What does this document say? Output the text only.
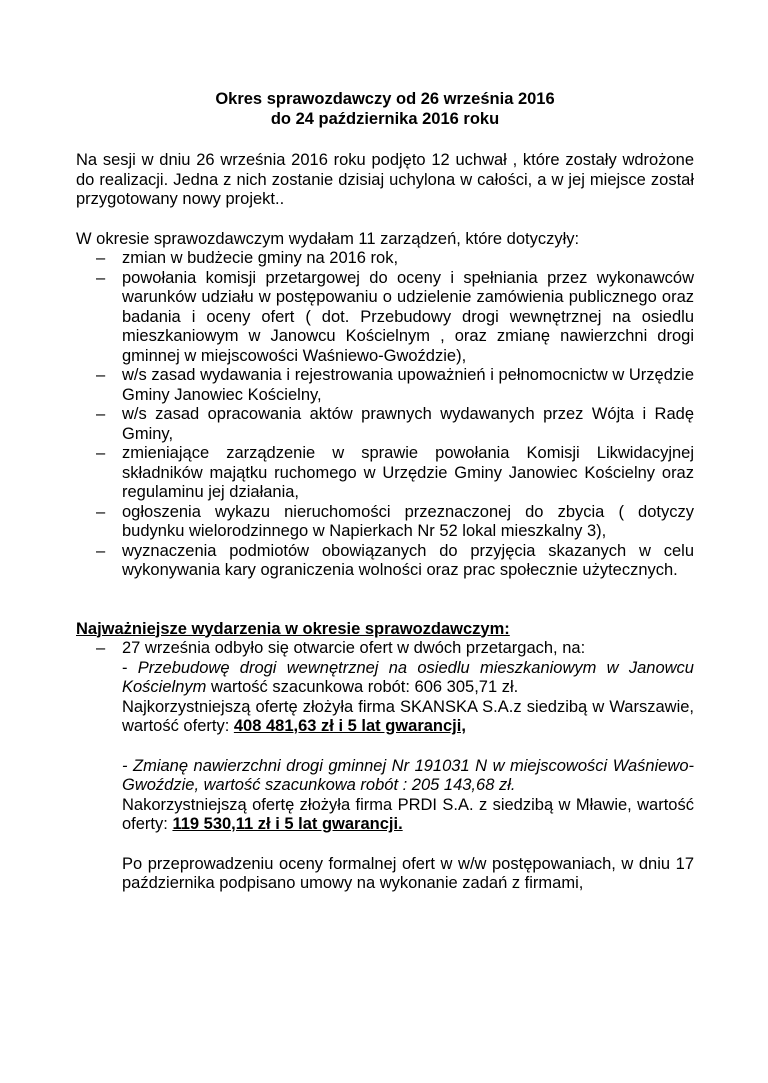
Okres sprawozdawczy od 26 września 2016
do 24 października 2016 roku

Na sesji w dniu 26 września 2016 roku podjęto 12 uchwał , które zostały wdrożone do realizacji. Jedna z nich zostanie dzisiaj uchylona w całości, a w jej miejsce został przygotowany nowy projekt..

W okresie sprawozdawczym wydałam 11 zarządzeń, które dotyczyły:

– zmian w budżecie gminy na 2016 rok,
– powołania komisji przetargowej do oceny i spełniania przez wykonawców warunków udziału w postępowaniu o udzielenie zamówienia publicznego oraz badania i oceny ofert ( dot. Przebudowy drogi wewnętrznej na osiedlu mieszkaniowym w Janowcu Kościelnym , oraz zmianę nawierzchni drogi gminnej w miejscowości Waśniewo-Gwoździe),
– w/s zasad wydawania i rejestrowania upoważnień i pełnomocnictw w Urzędzie Gminy Janowiec Kościelny,
– w/s zasad opracowania aktów prawnych wydawanych przez Wójta i Radę Gminy,
– zmieniające zarządzenie w sprawie powołania Komisji Likwidacyjnej składników majątku ruchomego w Urzędzie Gminy Janowiec Kościelny oraz regulaminu jej działania,
– ogłoszenia wykazu nieruchomości przeznaczonej do zbycia ( dotyczy budynku wielorodzinnego w Napierkach Nr 52 lokal mieszkalny 3),
– wyznaczenia podmiotów obowiązanych do przyjęcia skazanych w celu wykonywania kary ograniczenia wolności oraz prac społecznie użytecznych.
Najważniejsze wydarzenia w okresie sprawozdawczym:
– 27 września odbyło się otwarcie ofert w dwóch przetargach, na:
- Przebudowę drogi wewnętrznej na osiedlu mieszkaniowym w Janowcu Kościelnym wartość szacunkowa robót: 606 305,71 zł.
Najkorzystniejszą ofertę złożyła firma SKANSKA S.A.z siedzibą w Warszawie, wartość oferty: 408 481,63 zł i 5 lat gwarancji,
- Zmianę nawierzchni drogi gminnej Nr 191031 N w miejscowości Waśniewo-Gwoździe, wartość szacunkowa robót : 205 143,68 zł.
Nakorzystniejszą ofertę złożyła firma PRDI S.A. z siedzibą w Mławie, wartość oferty: 119 530,11 zł i 5 lat gwarancji.
Po przeprowadzeniu oceny formalnej ofert w w/w postępowaniach, w dniu 17 października podpisano umowy na wykonanie zadań z firmami,
